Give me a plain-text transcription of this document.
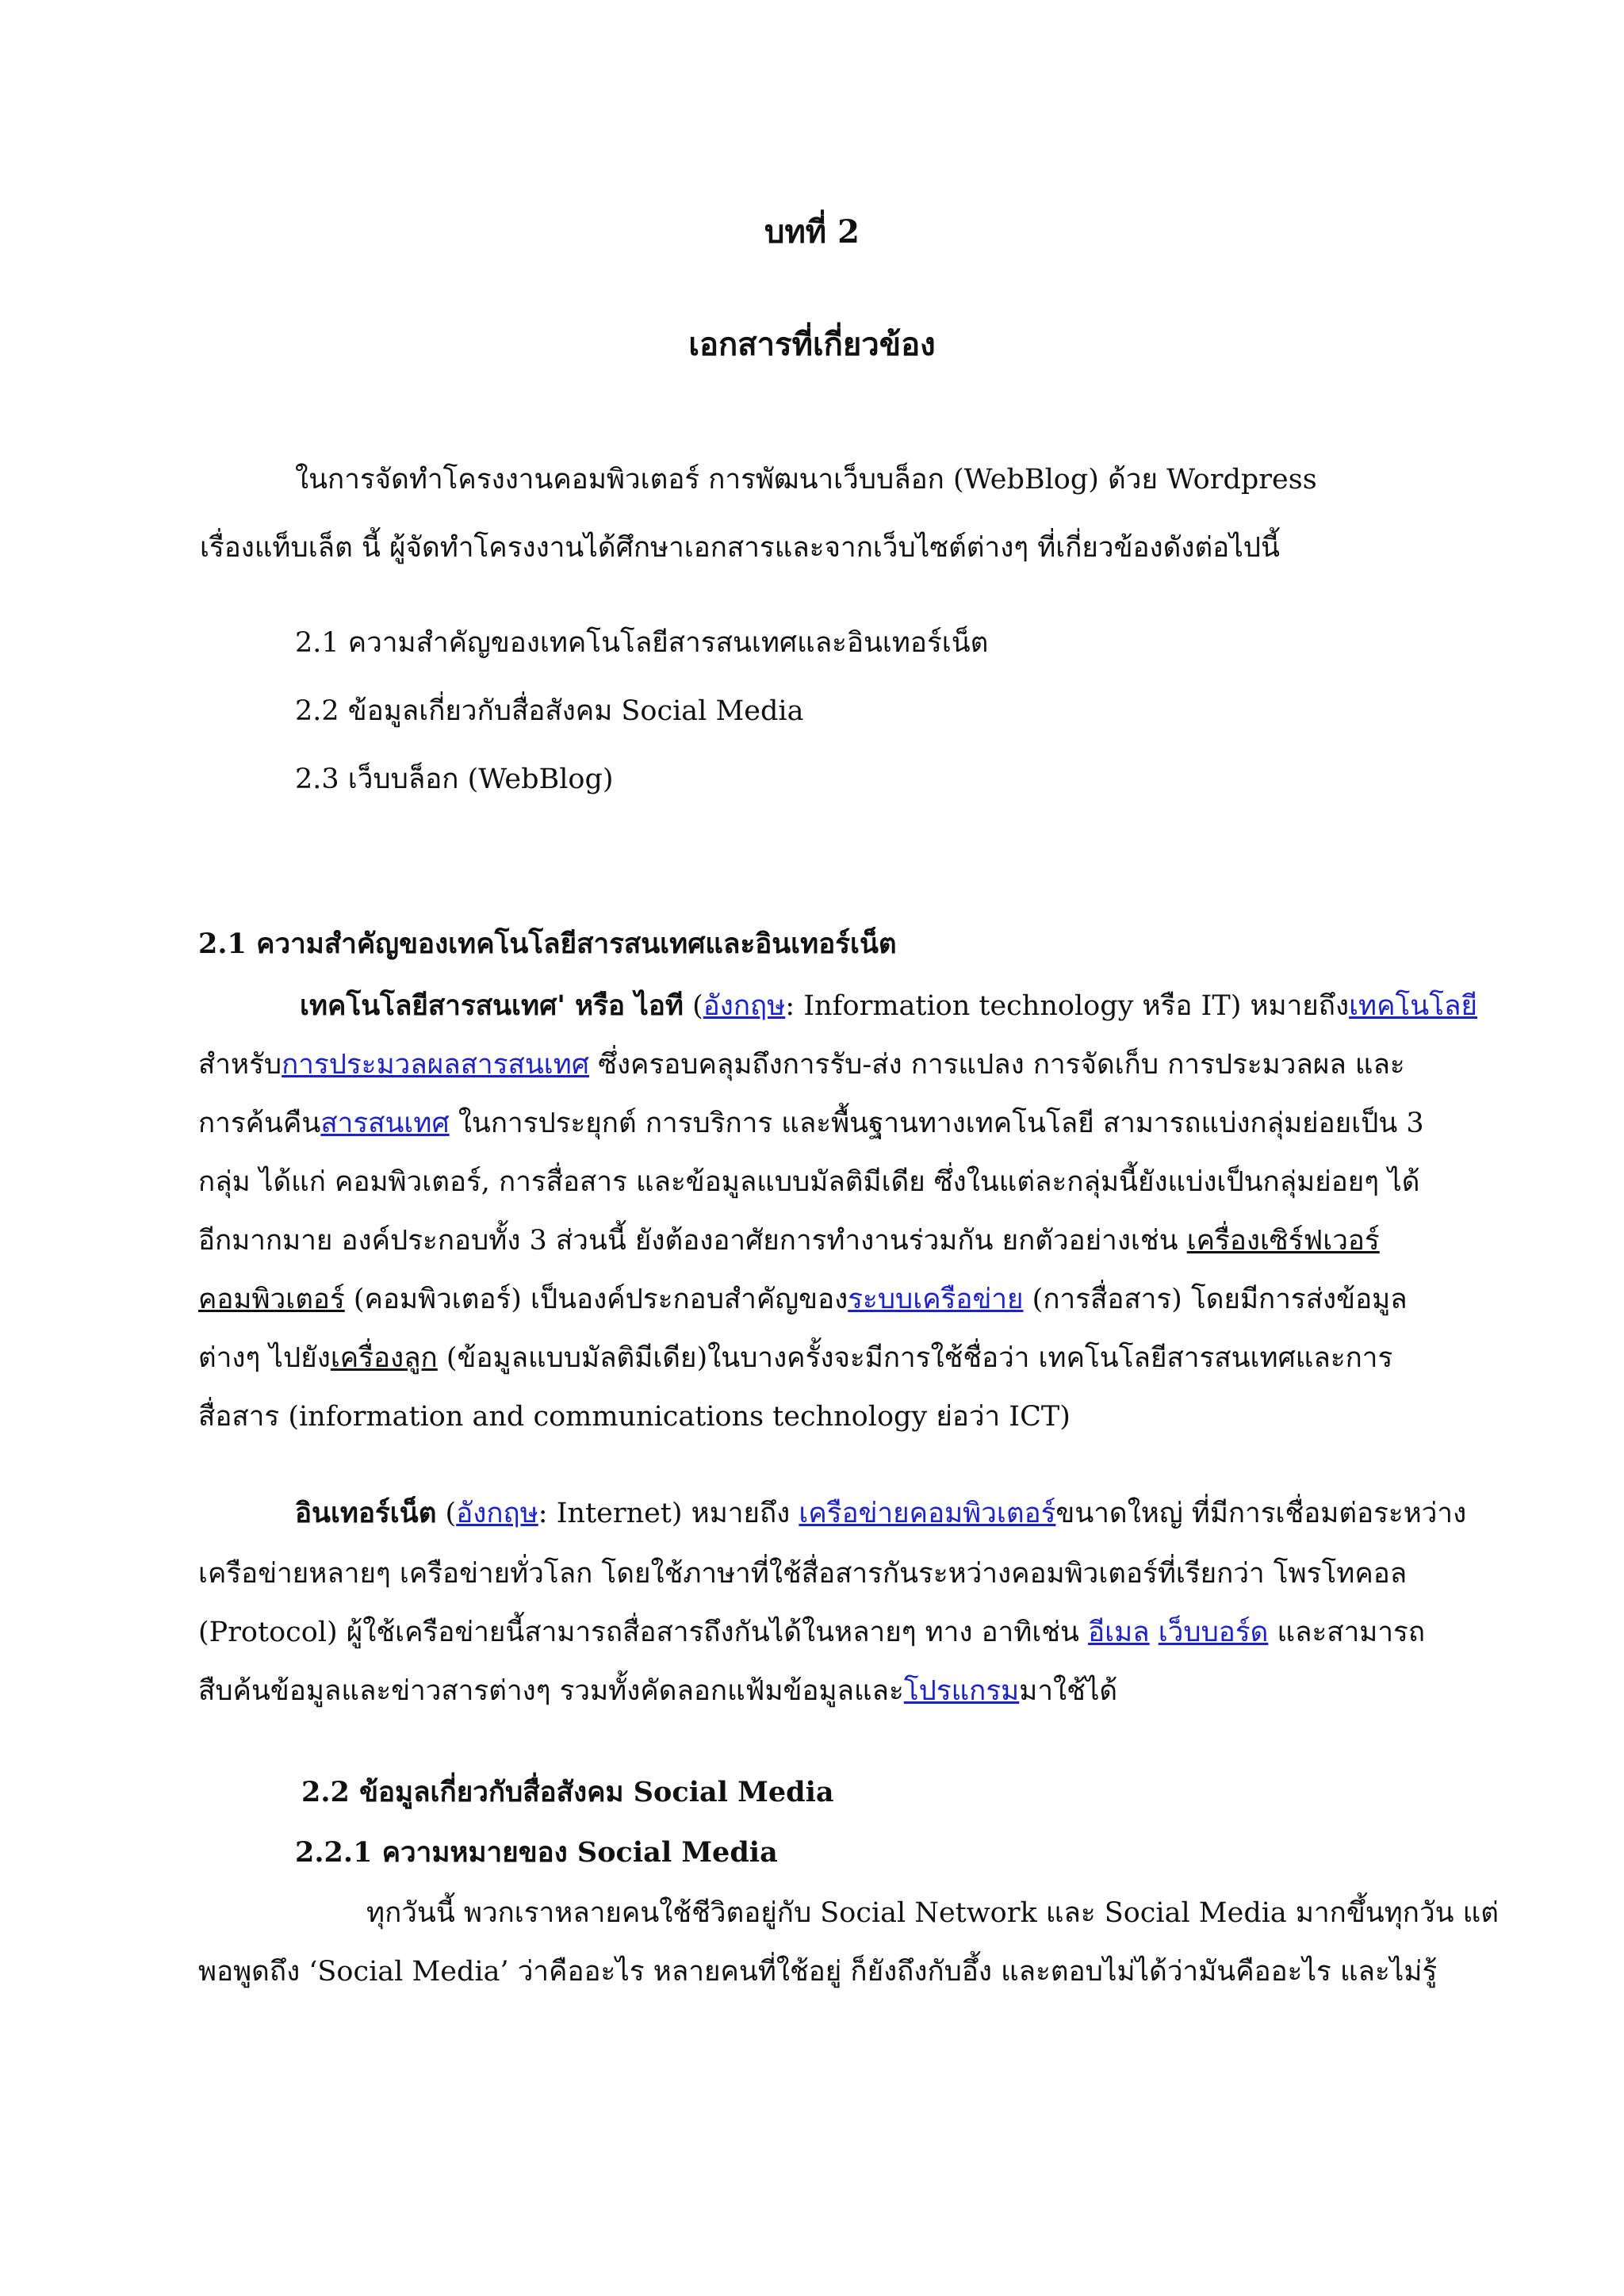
บทที่ 2
เอกสารที่เกี่ยวข้อง
ในการจัดทำโครงงานคอมพิวเตอร์ การพัฒนาเว็บบล็อก (WebBlog) ด้วย Wordpress
เรื่องแท็บเล็ต นี้ ผู้จัดทำโครงงานได้ศึกษาเอกสารและจากเว็บไซต์ต่างๆ ที่เกี่ยวข้องดังต่อไปนี้
2.1 ความสำคัญของเทคโนโลยีสารสนเทศและอินเทอร์เน็ต
2.2 ข้อมูลเกี่ยวกับสื่อสังคม Social Media
2.3 เว็บบล็อก (WebBlog)
2.1 ความสำคัญของเทคโนโลยีสารสนเทศและอินเทอร์เน็ต
เทคโนโลยีสารสนเทศ' หรือ ไอที (อังกฤษ: Information technology หรือ IT) หมายถึงเทคโนโลยี
สำหรับการประมวลผลสารสนเทศ ซึ่งครอบคลุมถึงการรับ-ส่ง การแปลง การจัดเก็บ การประมวลผล และ
การค้นคืนสารสนเทศ ในการประยุกต์ การบริการ และพื้นฐานทางเทคโนโลยี สามารถแบ่งกลุ่มย่อยเป็น 3
กลุ่ม ได้แก่ คอมพิวเตอร์, การสื่อสาร และข้อมูลแบบมัลติมีเดีย ซึ่งในแต่ละกลุ่มนี้ยังแบ่งเป็นกลุ่มย่อยๆ ได้
อีกมากมาย องค์ประกอบทั้ง 3 ส่วนนี้ ยังต้องอาศัยการทำงานร่วมกัน ยกตัวอย่างเช่น เครื่องเซิร์ฟเวอร์
คอมพิวเตอร์ (คอมพิวเตอร์) เป็นองค์ประกอบสำคัญของระบบเครือข่าย (การสื่อสาร) โดยมีการส่งข้อมูล
ต่างๆ ไปยังเครื่องลูก (ข้อมูลแบบมัลติมีเดีย)ในบางครั้งจะมีการใช้ชื่อว่า เทคโนโลยีสารสนเทศและการ
สื่อสาร (information and communications technology ย่อว่า ICT)
อินเทอร์เน็ต (อังกฤษ: Internet) หมายถึง เครือข่ายคอมพิวเตอร์ขนาดใหญ่ ที่มีการเชื่อมต่อระหว่าง
เครือข่ายหลายๆ เครือข่ายทั่วโลก โดยใช้ภาษาที่ใช้สื่อสารกันระหว่างคอมพิวเตอร์ที่เรียกว่า โพรโทคอล
(Protocol) ผู้ใช้เครือข่ายนี้สามารถสื่อสารถึงกันได้ในหลายๆ ทาง อาทิเช่น อีเมล เว็บบอร์ด และสามารถ
สืบค้นข้อมูลและข่าวสารต่างๆ รวมทั้งคัดลอกแฟ้มข้อมูลและโปรแกรมมาใช้ได้
2.2 ข้อมูลเกี่ยวกับสื่อสังคม Social Media
2.2.1 ความหมายของ Social Media
ทุกวันนี้ พวกเราหลายคนใช้ชีวิตอยู่กับ Social Network และ Social Media มากขึ้นทุกวัน แต่
พอพูดถึง ‘Social Media’ ว่าคืออะไร หลายคนที่ใช้อยู่ ก็ยังถึงกับอึ้ง และตอบไม่ได้ว่ามันคืออะไร และไม่รู้
